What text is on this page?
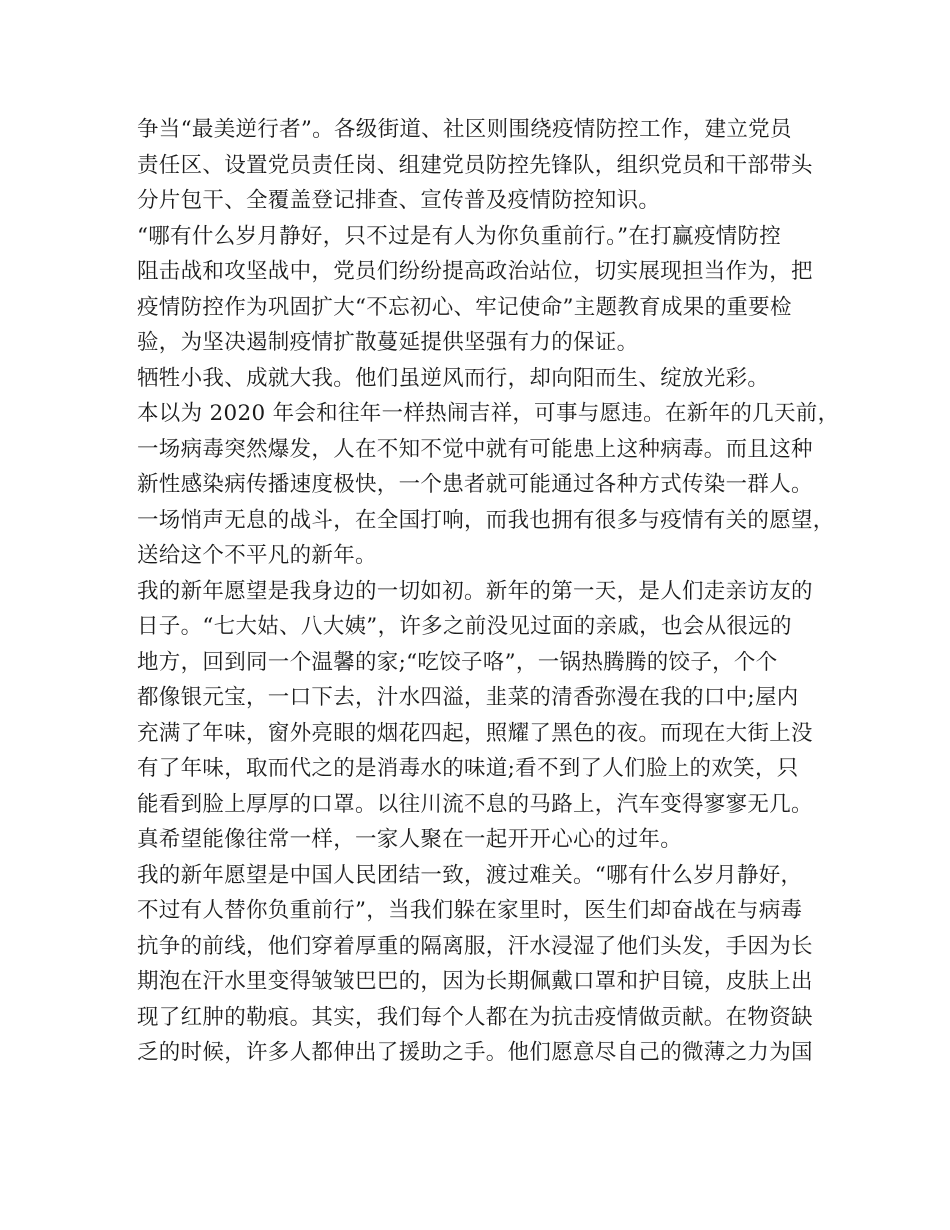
争当“最美逆行者”。各级街道、社区则围绕疫情防控工作，建立党员
责任区、设置党员责任岗、组建党员防控先锋队，组织党员和干部带头
分片包干、全覆盖登记排查、宣传普及疫情防控知识。
“哪有什么岁月静好，只不过是有人为你负重前行。”在打赢疫情防控
阻击战和攻坚战中，党员们纷纷提高政治站位，切实展现担当作为，把
疫情防控作为巩固扩大“不忘初心、牢记使命”主题教育成果的重要检
验，为坚决遏制疫情扩散蔓延提供坚强有力的保证。
牺牲小我、成就大我。他们虽逆风而行，却向阳而生、绽放光彩。
本以为 2020 年会和往年一样热闹吉祥，可事与愿违。在新年的几天前，
一场病毒突然爆发，人在不知不觉中就有可能患上这种病毒。而且这种
新性感染病传播速度极快，一个患者就可能通过各种方式传染一群人。
一场悄声无息的战斗，在全国打响，而我也拥有很多与疫情有关的愿望，
送给这个不平凡的新年。
我的新年愿望是我身边的一切如初。新年的第一天，是人们走亲访友的
日子。“七大姑、八大姨”，许多之前没见过面的亲戚，也会从很远的
地方，回到同一个温馨的家;“吃饺子咯”，一锅热腾腾的饺子，个个
都像银元宝，一口下去，汁水四溢，韭菜的清香弥漫在我的口中;屋内
充满了年味，窗外亮眼的烟花四起，照耀了黑色的夜。而现在大街上没
有了年味，取而代之的是消毒水的味道;看不到了人们脸上的欢笑，只
能看到脸上厚厚的口罩。以往川流不息的马路上，汽车变得寥寥无几。
真希望能像往常一样，一家人聚在一起开开心心的过年。
我的新年愿望是中国人民团结一致，渡过难关。“哪有什么岁月静好，
不过有人替你负重前行”，当我们躲在家里时，医生们却奋战在与病毒
抗争的前线，他们穿着厚重的隔离服，汗水浸湿了他们头发，手因为长
期泡在汗水里变得皱皱巴巴的，因为长期佩戴口罩和护目镜，皮肤上出
现了红肿的勒痕。其实，我们每个人都在为抗击疫情做贡献。在物资缺
乏的时候，许多人都伸出了援助之手。他们愿意尽自己的微薄之力为国
